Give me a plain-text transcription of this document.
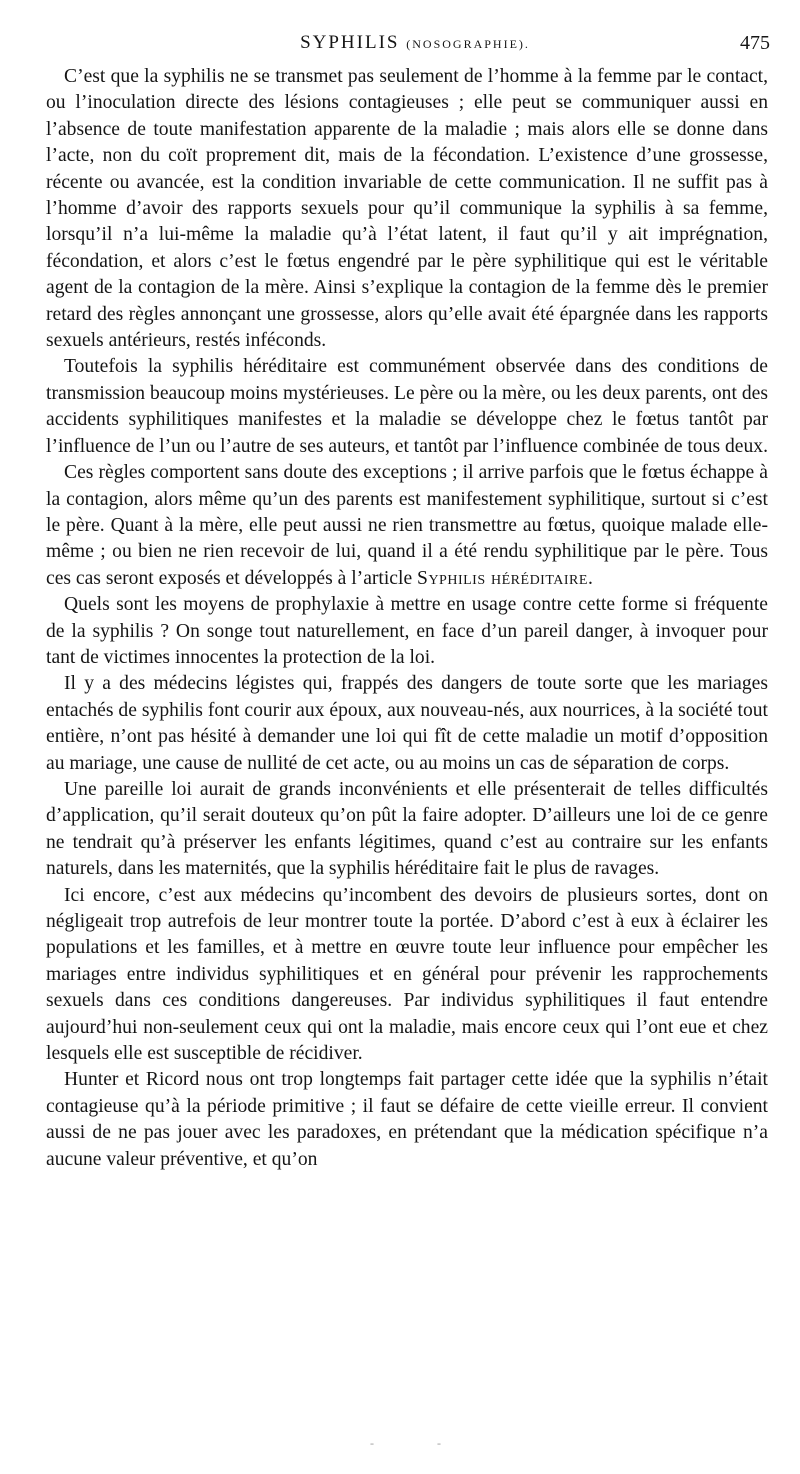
SYPHILIS (NOSOGRAPHIE).	475

C’est que la syphilis ne se transmet pas seulement de l’homme à la femme par le contact, ou l’inoculation directe des lésions contagieuses ; elle peut se communiquer aussi en l’absence de toute manifestation apparente de la maladie ; mais alors elle se donne dans l’acte, non du coït proprement dit, mais de la fécondation. L’existence d’une grossesse, récente ou avancée, est la condition invariable de cette communication. Il ne suffit pas à l’homme d’avoir des rapports sexuels pour qu’il communique la syphilis à sa femme, lorsqu’il n’a lui-même la maladie qu’à l’état latent, il faut qu’il y ait imprégnation, fécondation, et alors c’est le fœtus engendré par le père syphilitique qui est le véritable agent de la contagion de la mère. Ainsi s’explique la contagion de la femme dès le premier retard des règles annonçant une grossesse, alors qu’elle avait été épargnée dans les rapports sexuels antérieurs, restés inféconds.

Toutefois la syphilis héréditaire est communément observée dans des conditions de transmission beaucoup moins mystérieuses. Le père ou la mère, ou les deux parents, ont des accidents syphilitiques manifestes et la maladie se développe chez le fœtus tantôt par l’influence de l’un ou l’autre de ses auteurs, et tantôt par l’influence combinée de tous deux.

Ces règles comportent sans doute des exceptions ; il arrive parfois que le fœtus échappe à la contagion, alors même qu’un des parents est manifestement syphilitique, surtout si c’est le père. Quant à la mère, elle peut aussi ne rien transmettre au fœtus, quoique malade elle-même ; ou bien ne rien recevoir de lui, quand il a été rendu syphilitique par le père. Tous ces cas seront exposés et développés à l’article Syphilis héréditaire.

Quels sont les moyens de prophylaxie à mettre en usage contre cette forme si fréquente de la syphilis ? On songe tout naturellement, en face d’un pareil danger, à invoquer pour tant de victimes innocentes la protection de la loi.

Il y a des médecins légistes qui, frappés des dangers de toute sorte que les mariages entachés de syphilis font courir aux époux, aux nouveau-nés, aux nourrices, à la société tout entière, n’ont pas hésité à demander une loi qui fît de cette maladie un motif d’opposition au mariage, une cause de nullité de cet acte, ou au moins un cas de séparation de corps.

Une pareille loi aurait de grands inconvénients et elle présenterait de telles difficultés d’application, qu’il serait douteux qu’on pût la faire adopter. D’ailleurs une loi de ce genre ne tendrait qu’à préserver les enfants légitimes, quand c’est au contraire sur les enfants naturels, dans les maternités, que la syphilis héréditaire fait le plus de ravages.

Ici encore, c’est aux médecins qu’incombent des devoirs de plusieurs sortes, dont on négligeait trop autrefois de leur montrer toute la portée. D’abord c’est à eux à éclairer les populations et les familles, et à mettre en œuvre toute leur influence pour empêcher les mariages entre individus syphilitiques et en général pour prévenir les rapprochements sexuels dans ces conditions dangereuses. Par individus syphilitiques il faut entendre aujourd’hui non-seulement ceux qui ont la maladie, mais encore ceux qui l’ont eue et chez lesquels elle est susceptible de récidiver.

Hunter et Ricord nous ont trop longtemps fait partager cette idée que la syphilis n’était contagieuse qu’à la période primitive ; il faut se défaire de cette vieille erreur. Il convient aussi de ne pas jouer avec les paradoxes, en prétendant que la médication spécifique n’a aucune valeur préventive, et qu’on

- -
